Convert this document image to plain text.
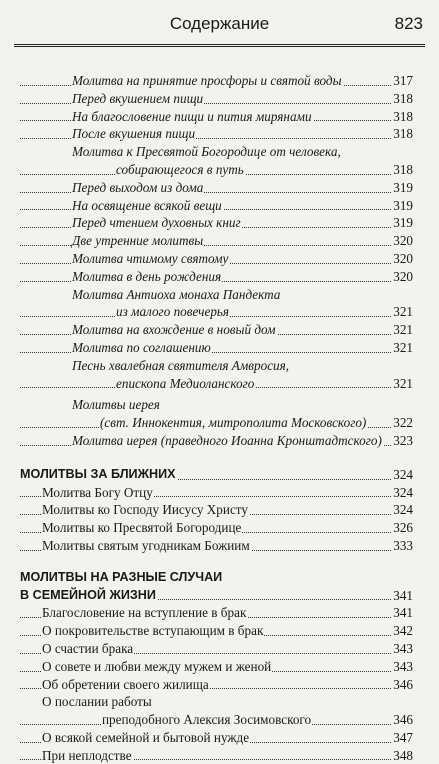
Содержание	823
Молитва на принятие просфоры и святой воды	317
Перед вкушением пищи	318
На благословение пищи и пития мирянами	318
После вкушения пищи	318
Молитва к Пресвятой Богородице от человека,
собирающегося в путь	318
Перед выходом из дома	319
На освящение всякой вещи	319
Перед чтением духовных книг	319
Две утренние молитвы	320
Молитва чтимому святому	320
Молитва в день рождения	320
Молитва Антиоха монаха Пандекта
из малого повечерья	321
Молитва на вхождение в новый дом	321
Молитва по соглашению	321
Песнь хвалебная святителя Амвросия,
епископа Медиоланского	321
Молитвы иерея
(свт. Иннокентия, митрополита Московского) 322
Молитва иерея (праведного Иоанна Кронштадтского) 323
МОЛИТВЫ ЗА БЛИЖНИХ	324
Молитва Богу Отцу	324
Молитвы ко Господу Иисусу Христу	324
Молитвы ко Пресвятой Богородице	326
Молитвы святым угодникам Божиим	333
МОЛИТВЫ НА РАЗНЫЕ СЛУЧАИ
В СЕМЕЙНОЙ ЖИЗНИ	341
Благословение на вступление в брак	341
О покровительстве вступающим в брак	342
О счастии брака	343
О совете и любви между мужем и женой	343
Об обретении своего жилища	346
О послании работы
преподобного Алексия Зосимовского	346
О всякой семейной и бытовой нужде	347
При неплодстве	348
